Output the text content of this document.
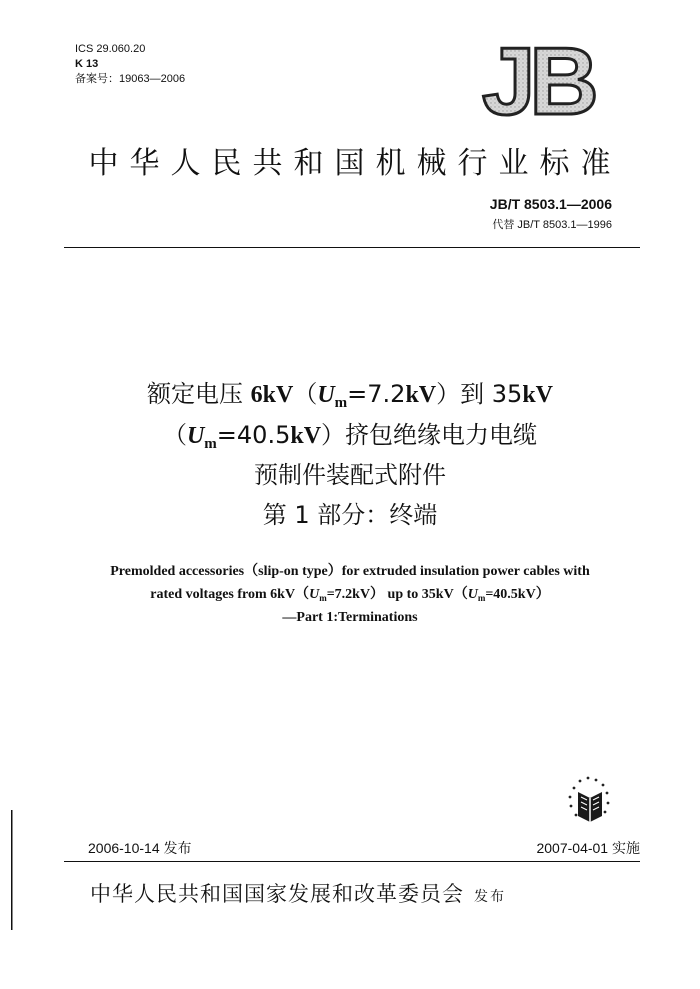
ICS 29.060.20
K 13
备案号：19063—2006	JB
中华人民共和国机械行业标准
JB/T 8503.1—2006
代替 JB/T 8503.1—1996
额定电压 $6kV(U_m=7.2kV)$到 35kV
$(U_m=40.5kV)$挤包绝缘电力电缆
预制件装配式附件
第 1 部分：终端
Premolded accessories（slip-on type）for extruded insulation power cables with
rated voltages from $6kV(U_m=7.2kV)$ up to $35kV(U_m=40.5kV)$
—Part 1:Terminations
2006-10-14 发布	2007-04-01 实施
中华人民共和国国家发展和改革委员会 发布
